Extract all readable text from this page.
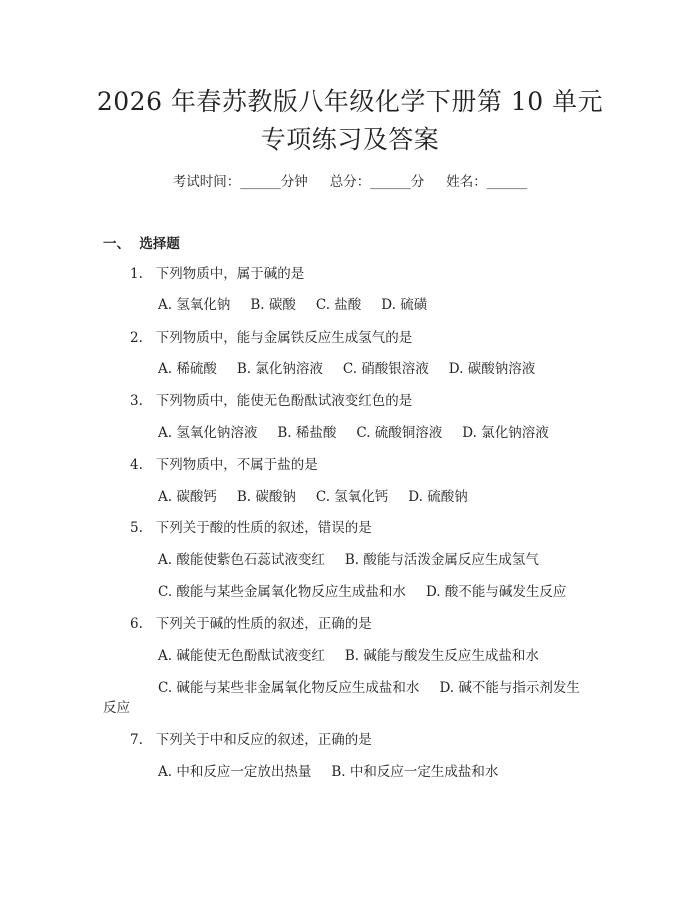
2026 年春苏教版八年级化学下册第 10 单元
专项练习及答案
考试时间：______分钟 总分：______分 姓名：______
一、  选择题
1.   下列物质中，属于碱的是
A. 氢氧化钠 B. 碳酸 C. 盐酸 D. 硫磺
2.   下列物质中，能与金属铁反应生成氢气的是
A. 稀硫酸 B. 氯化钠溶液 C. 硝酸银溶液 D. 碳酸钠溶液
3.   下列物质中，能使无色酚酞试液变红色的是
A. 氢氧化钠溶液 B. 稀盐酸 C. 硫酸铜溶液 D. 氯化钠溶液
4.   下列物质中，不属于盐的是
A. 碳酸钙 B. 碳酸钠 C. 氢氧化钙 D. 硫酸钠
5.   下列关于酸的性质的叙述，错误的是
A. 酸能使紫色石蕊试液变红 B. 酸能与活泼金属反应生成氢气
C. 酸能与某些金属氧化物反应生成盐和水 D. 酸不能与碱发生反应
6.   下列关于碱的性质的叙述，正确的是
A. 碱能使无色酚酞试液变红 B. 碱能与酸发生反应生成盐和水
C. 碱能与某些非金属氧化物反应生成盐和水 D. 碱不能与指示剂发生
反应
7.   下列关于中和反应的叙述，正确的是
A. 中和反应一定放出热量 B. 中和反应一定生成盐和水
